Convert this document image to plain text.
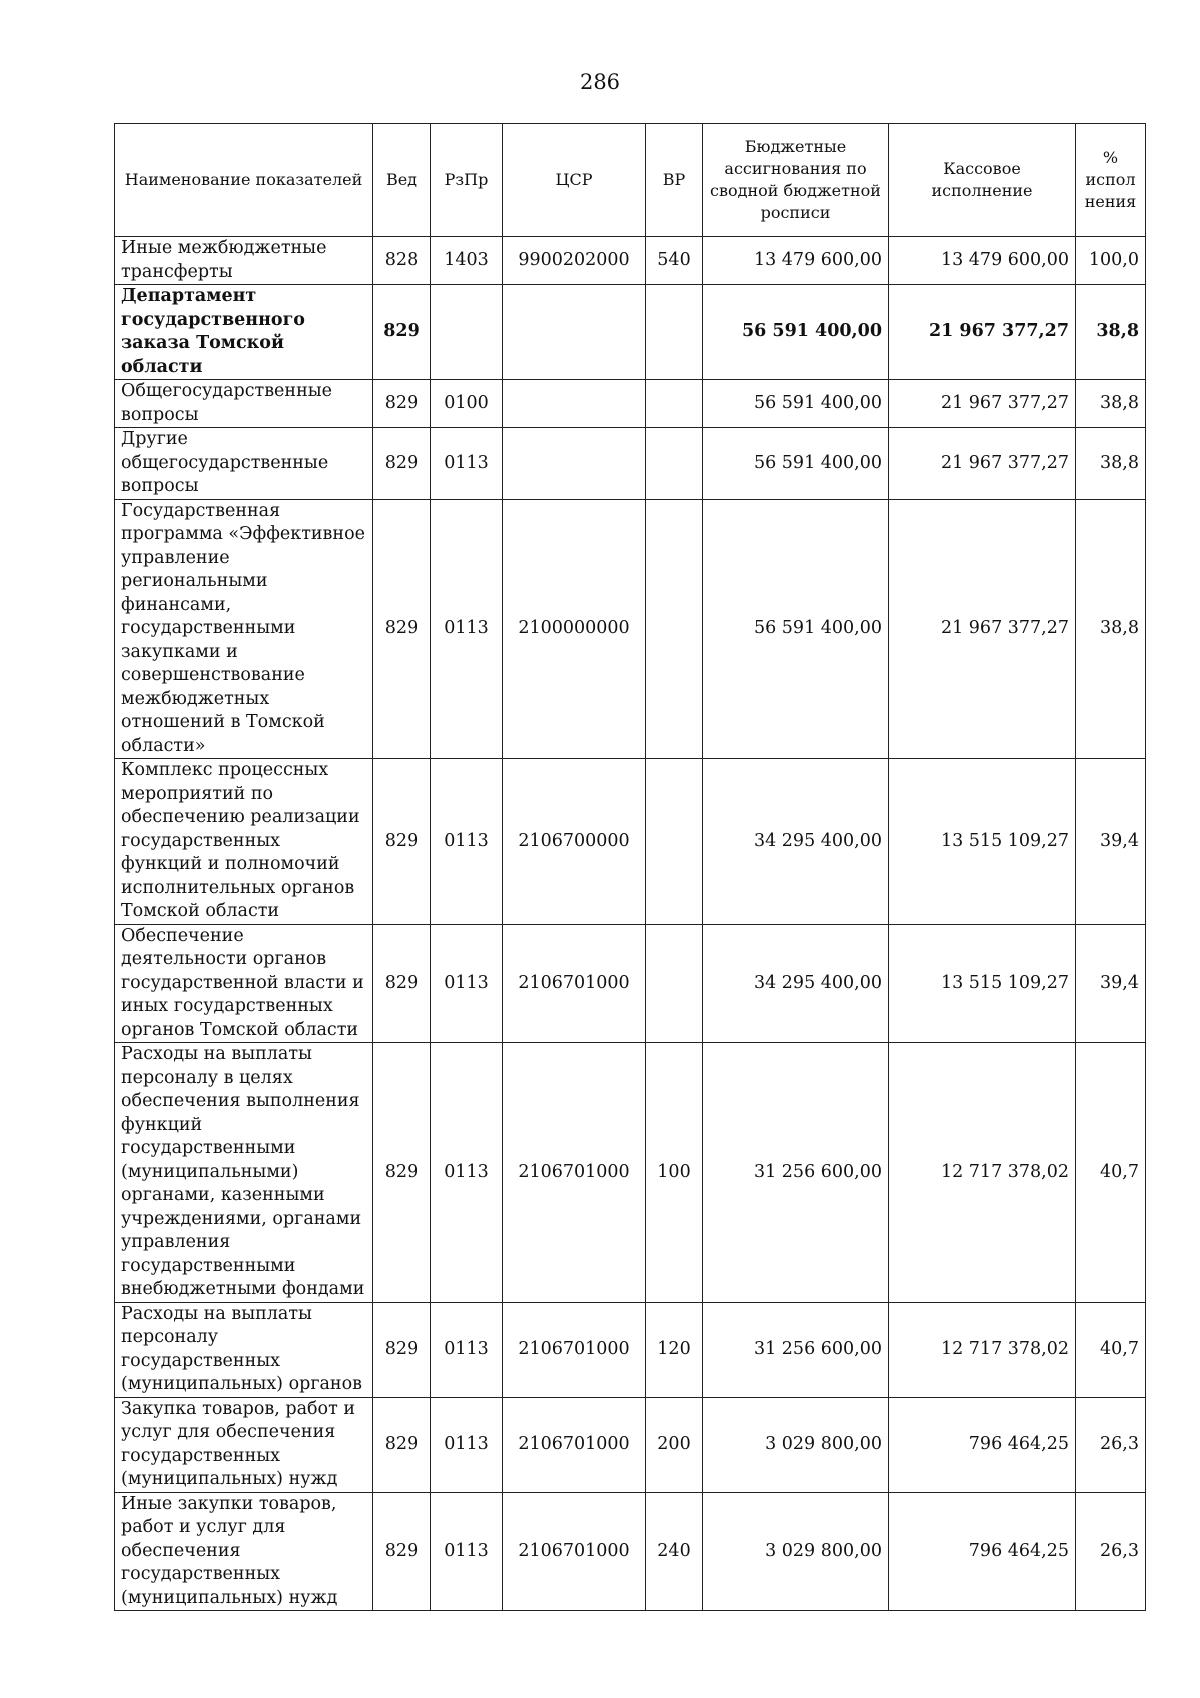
286
Наименование показателей	Вед	РзПр	ЦСР	ВР	Бюджетные ассигнования по сводной бюджетной росписи	Кассовое исполнение	% испол нения
Иные межбюджетные трансферты	828	1403	9900202000	540	13 479 600,00	13 479 600,00	100,0
Департамент государственного заказа Томской области	829				56 591 400,00	21 967 377,27	38,8
Общегосударственные вопросы	829	0100			56 591 400,00	21 967 377,27	38,8
Другие общегосударственные вопросы	829	0113			56 591 400,00	21 967 377,27	38,8
Государственная программа «Эффективное управление региональными финансами, государственными закупками и совершенствование межбюджетных отношений в Томской области»	829	0113	2100000000		56 591 400,00	21 967 377,27	38,8
Комплекс процессных мероприятий по обеспечению реализации государственных функций и полномочий исполнительных органов Томской области	829	0113	2106700000		34 295 400,00	13 515 109,27	39,4
Обеспечение деятельности органов государственной власти и иных государственных органов Томской области	829	0113	2106701000		34 295 400,00	13 515 109,27	39,4
Расходы на выплаты персоналу в целях обеспечения выполнения функций государственными (муниципальными) органами, казенными учреждениями, органами управления государственными внебюджетными фондами	829	0113	2106701000	100	31 256 600,00	12 717 378,02	40,7
Расходы на выплаты персоналу государственных (муниципальных) органов	829	0113	2106701000	120	31 256 600,00	12 717 378,02	40,7
Закупка товаров, работ и услуг для обеспечения государственных (муниципальных) нужд	829	0113	2106701000	200	3 029 800,00	796 464,25	26,3
Иные закупки товаров, работ и услуг для обеспечения государственных (муниципальных) нужд	829	0113	2106701000	240	3 029 800,00	796 464,25	26,3
